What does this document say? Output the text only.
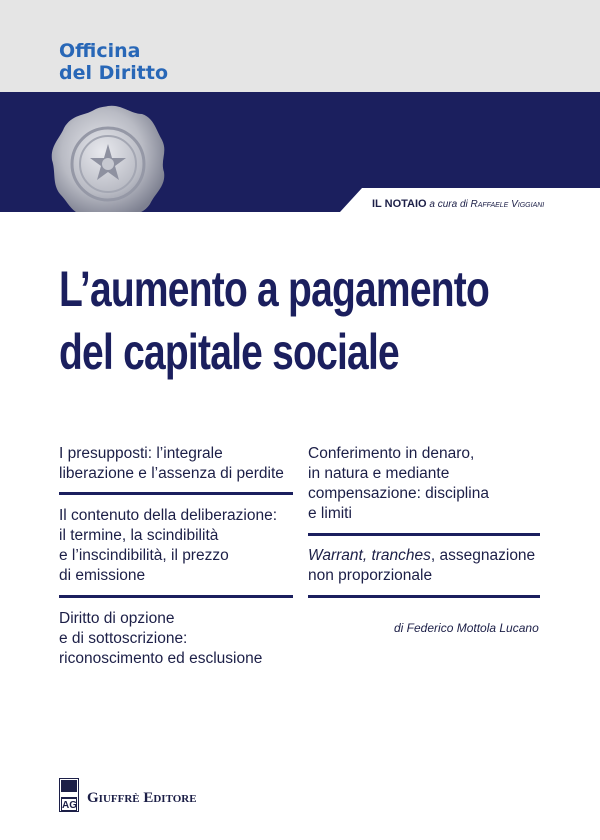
Officina
del Diritto
IL NOTAIO a cura di Raffaele Viggiani
L’aumento a pagamento
del capitale sociale
I presupposti: l’integrale
liberazione e l’assenza di perdite
Il contenuto della deliberazione:
il termine, la scindibilità
e l’inscindibilità, il prezzo
di emissione
Diritto di opzione
e di sottoscrizione:
riconoscimento ed esclusione
Conferimento in denaro,
in natura e mediante
compensazione: disciplina
e limiti
Warrant, tranches, assegnazione
non proporzionale
di Federico Mottola Lucano
AG Giuffrè Editore
